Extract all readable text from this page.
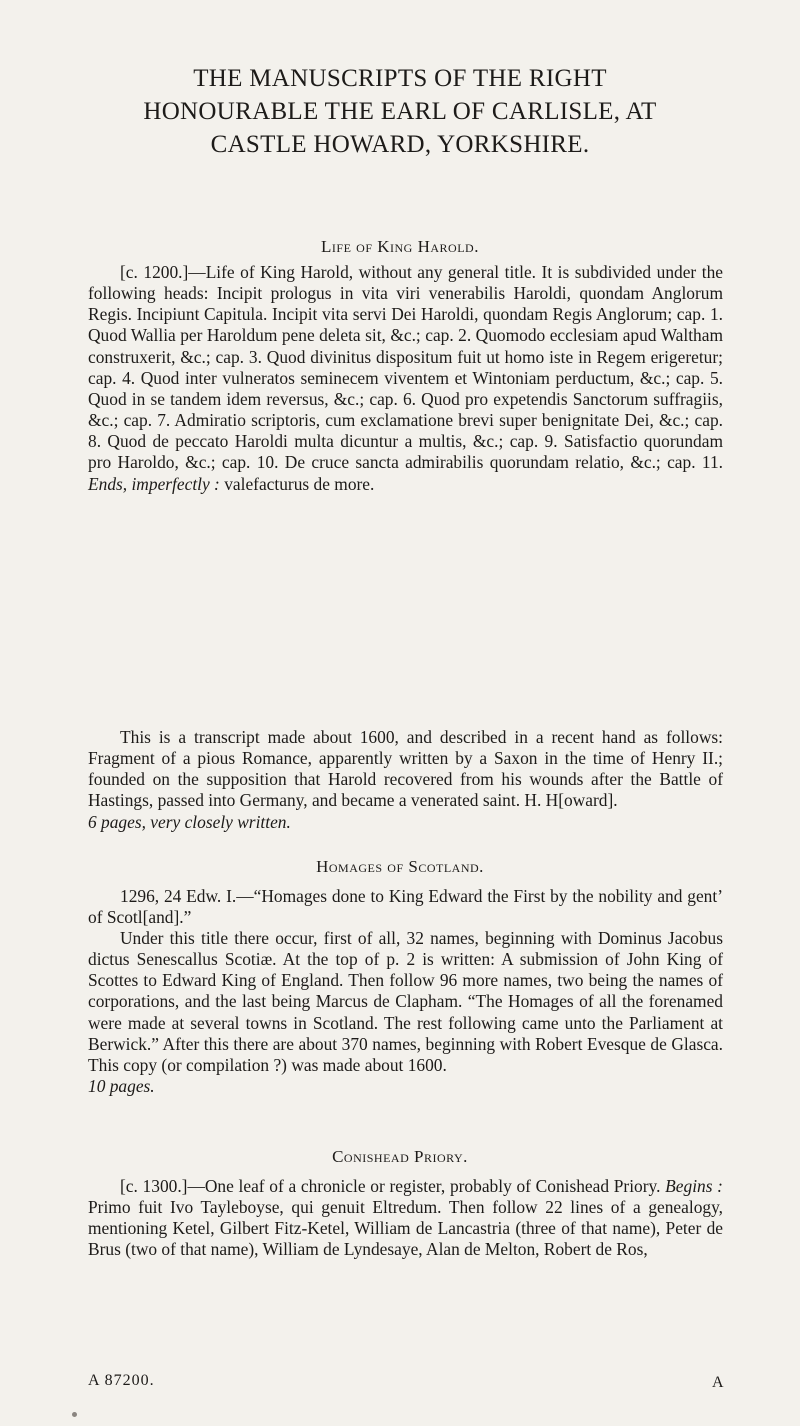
THE MANUSCRIPTS OF THE RIGHT
HONOURABLE THE EARL OF CARLISLE, AT
CASTLE HOWARD, YORKSHIRE.
Life of King Harold.

[c. 1200.]—Life of King Harold, without any general title. It is subdivided under the following heads: Incipit prologus in vita viri venerabilis Haroldi, quondam Anglorum Regis. Incipiunt Capitula. Incipit vita servi Dei Haroldi, quondam Regis Anglorum; cap. 1. Quod Wallia per Haroldum pene deleta sit, &c.; cap. 2. Quomodo ecclesiam apud Waltham construxerit, &c.; cap. 3. Quod divinitus dispositum fuit ut homo iste in Regem erigeretur; cap. 4. Quod inter vulneratos seminecem viventem et Wintoniam perductum, &c.; cap. 5. Quod in se tandem idem reversus, &c.; cap. 6. Quod pro expetendis Sanctorum suffragiis, &c.; cap. 7. Admiratio scriptoris, cum exclamatione brevi super benignitate Dei, &c.; cap. 8. Quod de peccato Haroldi multa dicuntur a multis, &c.; cap. 9. Satisfactio quorundam pro Haroldo, &c.; cap. 10. De cruce sancta admirabilis quorundam relatio, &c.; cap. 11. Ends, imperfectly : valefacturus de more.

This is a transcript made about 1600, and described in a recent hand as follows: Fragment of a pious Romance, apparently written by a Saxon in the time of Henry II.; founded on the supposition that Harold recovered from his wounds after the Battle of Hastings, passed into Germany, and became a venerated saint. H. H[oward].
6 pages, very closely written.

Homages of Scotland.

1296, 24 Edw. I.—“Homages done to King Edward the First by the nobility and gent’ of Scotl[and].”

Under this title there occur, first of all, 32 names, beginning with Dominus Jacobus dictus Senescallus Scotiæ. At the top of p. 2 is written: A submission of John King of Scottes to Edward King of England. Then follow 96 more names, two being the names of corporations, and the last being Marcus de Clapham. “The Homages of all the forenamed were made at several towns in Scotland. The rest following came unto the Parliament at Berwick.” After this there are about 370 names, beginning with Robert Evesque de Glasca. This copy (or compilation ?) was made about 1600.
10 pages.

Conishead Priory.

[c. 1300.]—One leaf of a chronicle or register, probably of Conishead Priory. Begins : Primo fuit Ivo Tayleboyse, qui genuit Eltredum. Then follow 22 lines of a genealogy, mentioning Ketel, Gilbert Fitz-Ketel, William de Lancastria (three of that name), Peter de Brus (two of that name), William de Lyndesaye, Alan de Melton, Robert de Ros,

A 87200.	A
